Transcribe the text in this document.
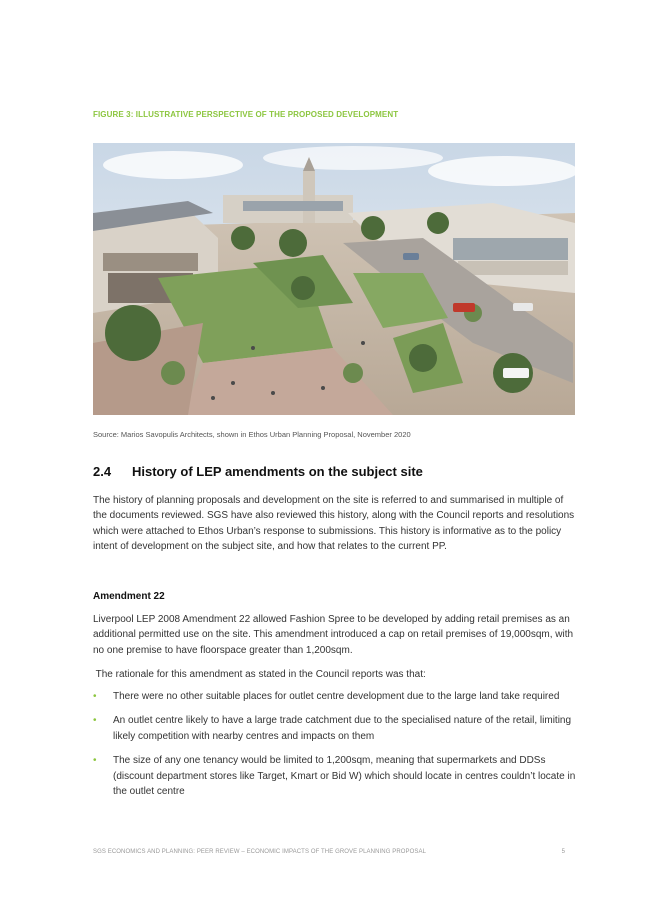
FIGURE 3: ILLUSTRATIVE PERSPECTIVE OF THE PROPOSED DEVELOPMENT
Source: Marios Savopulis Architects, shown in Ethos Urban Planning Proposal, November 2020
2.4 History of LEP amendments on the subject site
The history of planning proposals and development on the site is referred to and summarised in multiple of the documents reviewed. SGS have also reviewed this history, along with the Council reports and resolutions which were attached to Ethos Urban’s response to submissions. This history is informative as to the policy intent of development on the subject site, and how that relates to the current PP.
Amendment 22
Liverpool LEP 2008 Amendment 22 allowed Fashion Spree to be developed by adding retail premises as an additional permitted use on the site. This amendment introduced a cap on retail premises of 19,000sqm, with no one premise to have floorspace greater than 1,200sqm.
The rationale for this amendment as stated in the Council reports was that:
• There were no other suitable places for outlet centre development due to the large land take required
• An outlet centre likely to have a large trade catchment due to the specialised nature of the retail, limiting likely competition with nearby centres and impacts on them
• The size of any one tenancy would be limited to 1,200sqm, meaning that supermarkets and DDSs (discount department stores like Target, Kmart or Bid W) which should locate in centres couldn’t locate in the outlet centre
SGS ECONOMICS AND PLANNING: PEER REVIEW – ECONOMIC IMPACTS OF THE GROVE PLANNING PROPOSAL	5
